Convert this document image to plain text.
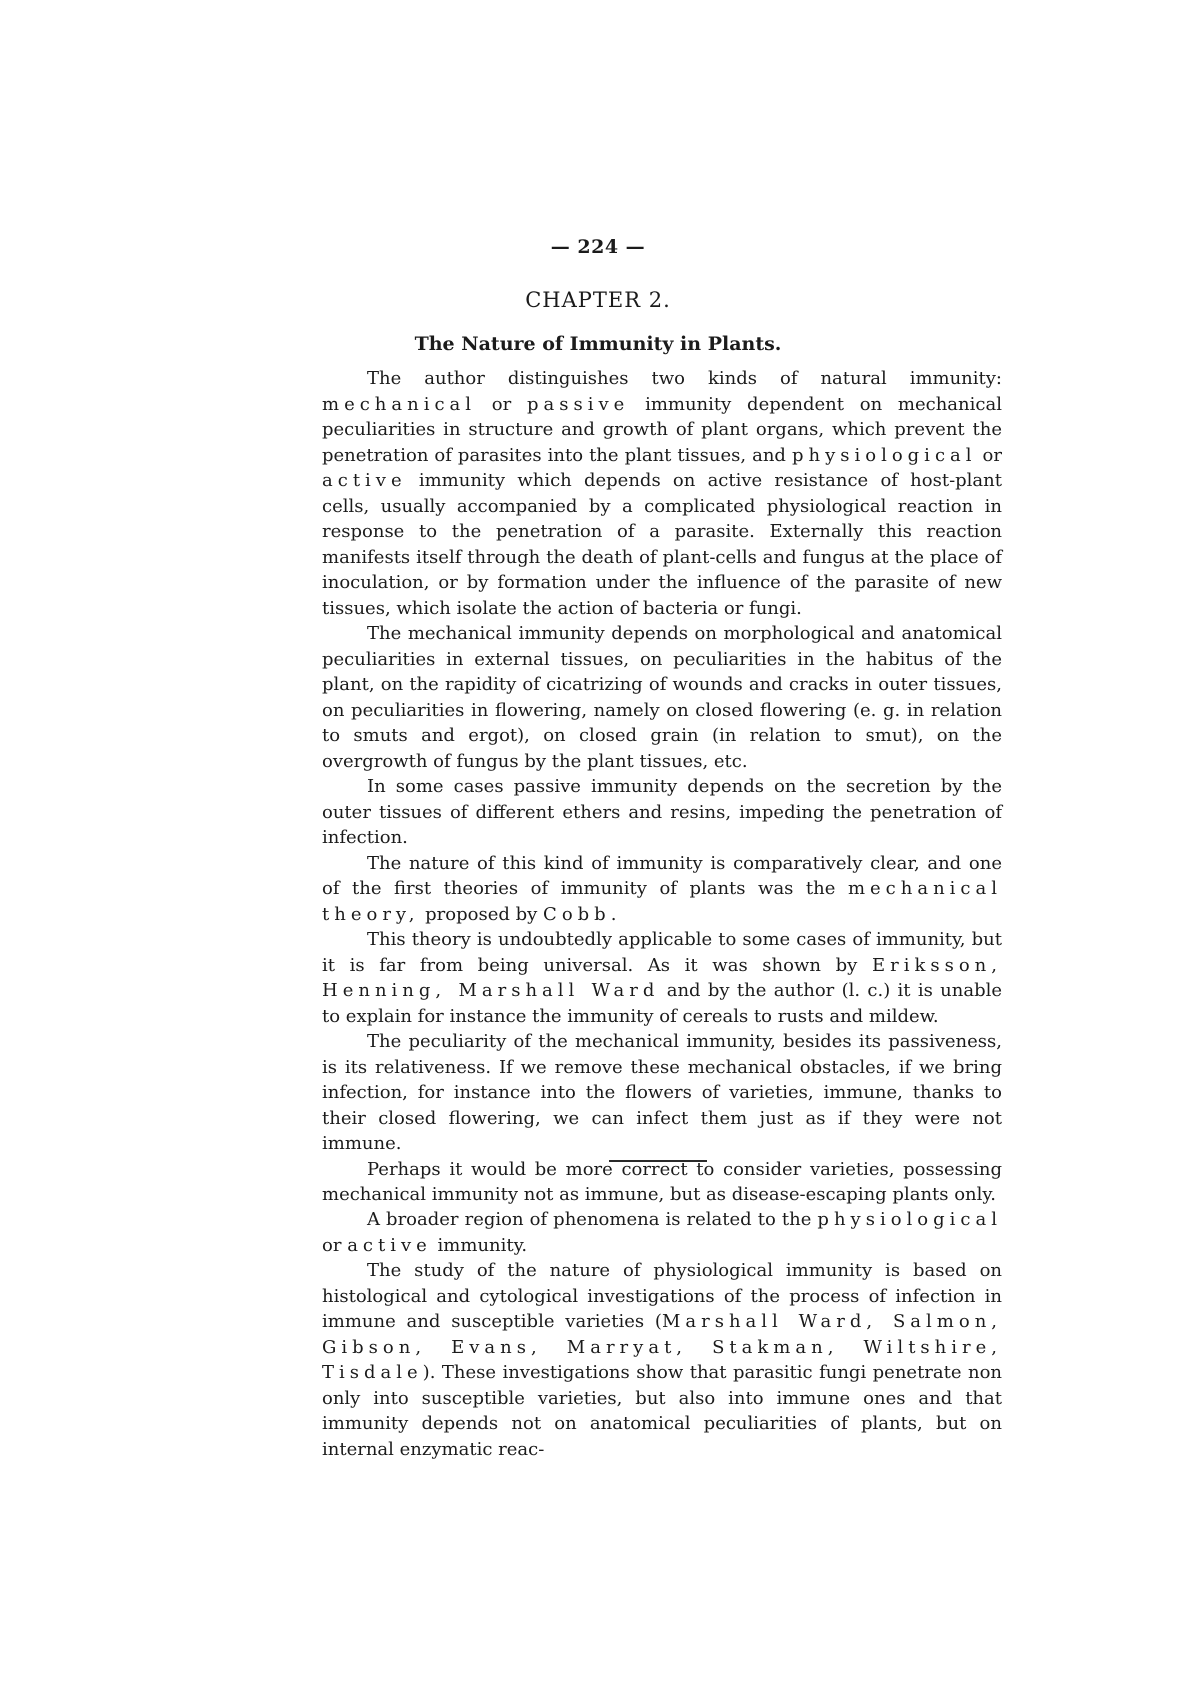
— 224 —
CHAPTER 2.
The Nature of Immunity in Plants.

The author distinguishes two kinds of natural immunity: mechanical or passive immunity dependent on mechanical peculiarities in structure and growth of plant organs, which prevent the penetration of parasites into the plant tissues, and physiological or active immunity which depends on active resistance of host-plant cells, usually accompanied by a complicated physiological reaction in response to the penetration of a parasite. Externally this reaction manifests itself through the death of plant-cells and fungus at the place of inoculation, or by formation under the influence of the parasite of new tissues, which isolate the action of bacteria or fungi.

The mechanical immunity depends on morphological and anatomical peculiarities in external tissues, on peculiarities in the habitus of the plant, on the rapidity of cicatrizing of wounds and cracks in outer tissues, on peculiarities in flowering, namely on closed flowering (e. g. in relation to smuts and ergot), on closed grain (in relation to smut), on the overgrowth of fungus by the plant tissues, etc.

In some cases passive immunity depends on the secretion by the outer tissues of different ethers and resins, impeding the penetration of infection.

The nature of this kind of immunity is comparatively clear, and one of the first theories of immunity of plants was the mechanical theory, proposed by Cobb.

This theory is undoubtedly applicable to some cases of immunity, but it is far from being universal. As it was shown by Eriksson, Henning, Marshall Ward and by the author (l. c.) it is unable to explain for instance the immunity of cereals to rusts and mildew.

The peculiarity of the mechanical immunity, besides its passiveness, is its relativeness. If we remove these mechanical obstacles, if we bring infection, for instance into the flowers of varieties, immune, thanks to their closed flowering, we can infect them just as if they were not immune.

Perhaps it would be more correct to consider varieties, possessing mechanical immunity not as immune, but as disease-escaping plants only.

A broader region of phenomena is related to the physiological or active immunity.

The study of the nature of physiological immunity is based on histological and cytological investigations of the process of infection in immune and susceptible varieties (Marshall Ward, Salmon, Gibson, Evans, Marryat, Stakman, Wiltshire, Tisdale). These investigations show that parasitic fungi penetrate non only into susceptible varieties, but also into immune ones and that immunity depends not on anatomical peculiarities of plants, but on internal enzymatic reac-
